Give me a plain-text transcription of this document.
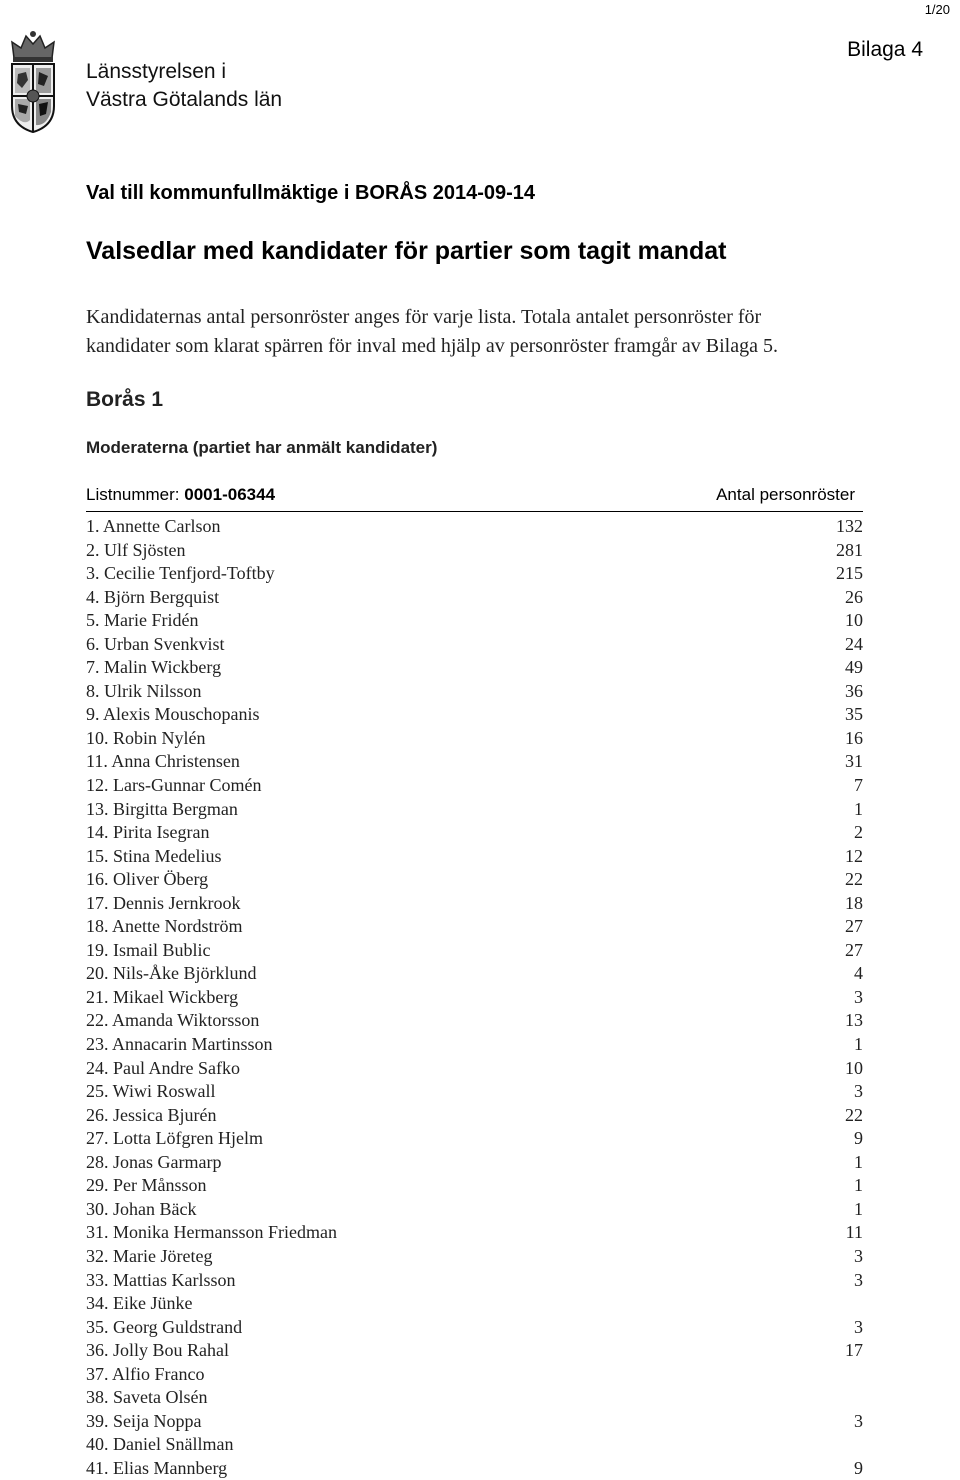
1/20
Länsstyrelsen i
Västra Götalands län
Bilaga 4
Val till kommunfullmäktige i BORÅS 2014-09-14
Valsedlar med kandidater för partier som tagit mandat
Kandidaternas antal personröster anges för varje lista. Totala antalet personröster för
kandidater som klarat spärren för inval med hjälp av personröster framgår av Bilaga 5.
Borås 1
Moderaterna (partiet har anmält kandidater)
Listnummer: 0001-06344	Antal personröster
1. Annette Carlson	132
2. Ulf Sjösten	281
3. Cecilie Tenfjord-Toftby	215
4. Björn Bergquist	26
5. Marie Fridén	10
6. Urban Svenkvist	24
7. Malin Wickberg	49
8. Ulrik Nilsson	36
9. Alexis Mouschopanis	35
10. Robin Nylén	16
11. Anna Christensen	31
12. Lars-Gunnar Comén	7
13. Birgitta Bergman	1
14. Pirita Isegran	2
15. Stina Medelius	12
16. Oliver Öberg	22
17. Dennis Jernkrook	18
18. Anette Nordström	27
19. Ismail Bublic	27
20. Nils-Åke Björklund	4
21. Mikael Wickberg	3
22. Amanda Wiktorsson	13
23. Annacarin Martinsson	1
24. Paul Andre Safko	10
25. Wiwi Roswall	3
26. Jessica Bjurén	22
27. Lotta Löfgren Hjelm	9
28. Jonas Garmarp	1
29. Per Månsson	1
30. Johan Bäck	1
31. Monika Hermansson Friedman	11
32. Marie Jöreteg	3
33. Mattias Karlsson	3
34. Eike Jünke
35. Georg Guldstrand	3
36. Jolly Bou Rahal	17
37. Alfio Franco
38. Saveta Olsén
39. Seija Noppa	3
40. Daniel Snällman
41. Elias Mannberg	9
